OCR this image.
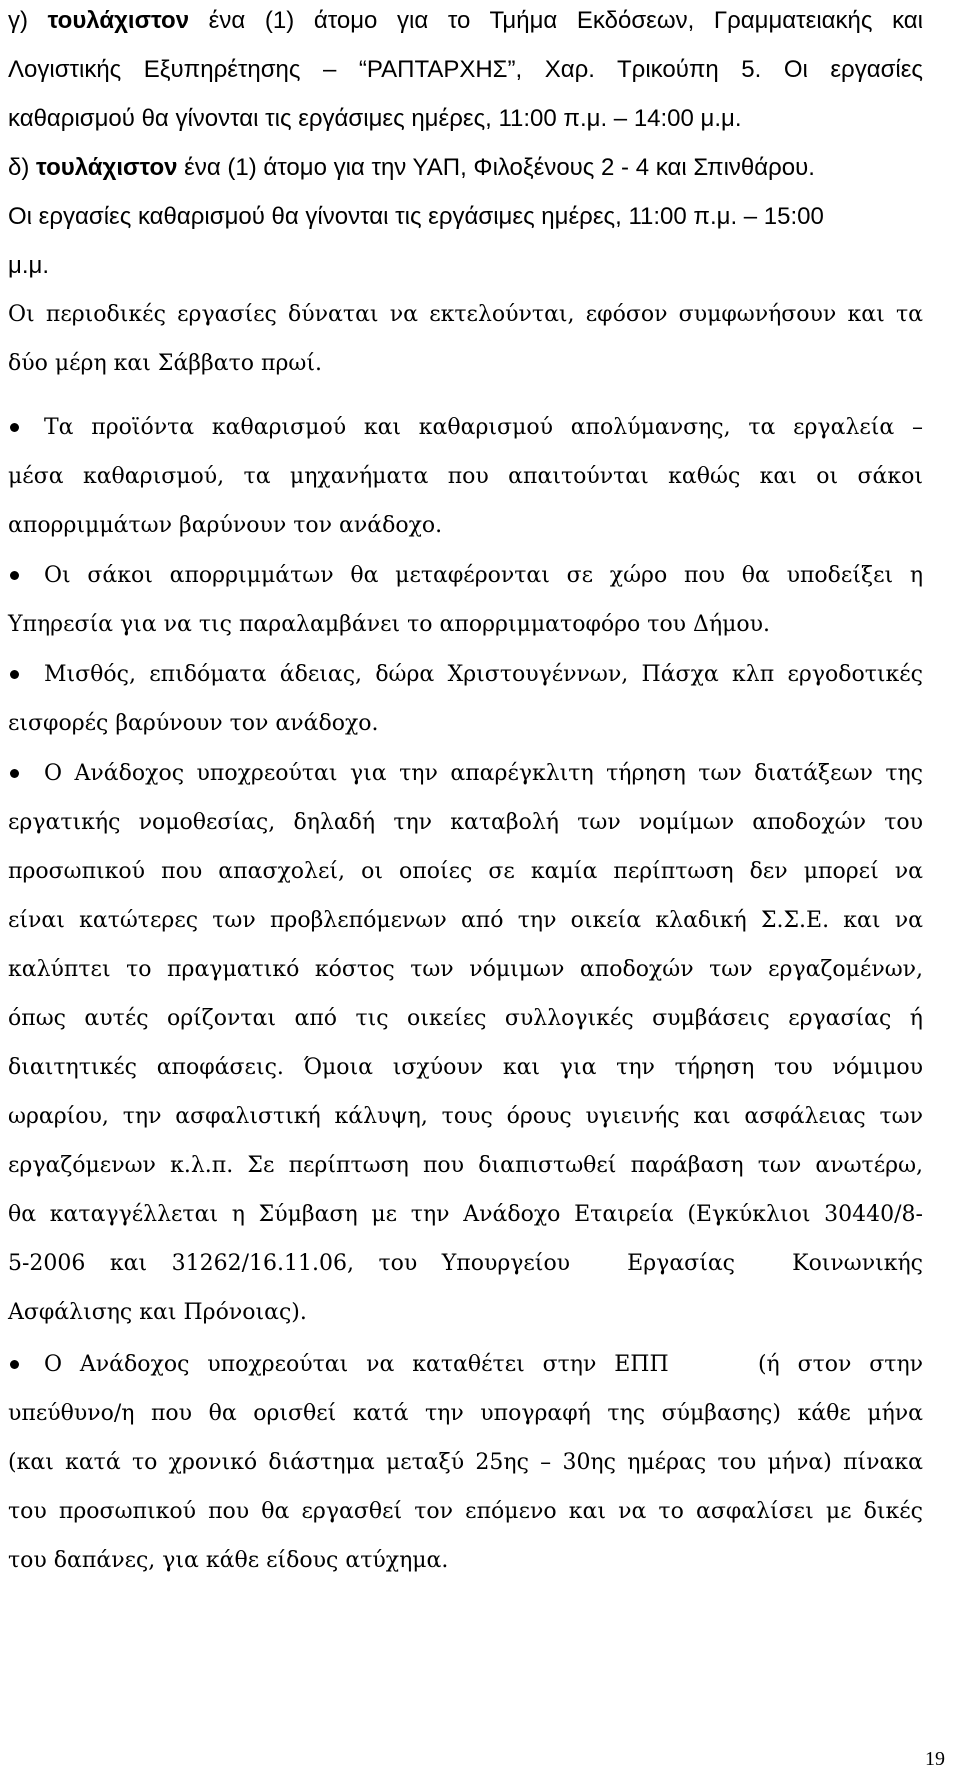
γ) τουλάχιστον ένα (1) άτομο για το Τμήμα Εκδόσεων, Γραμματειακής και
Λογιστικής Εξυπηρέτησης – “ΡΑΠΤΑΡΧΗΣ”, Χαρ. Τρικούπη 5. Οι εργασίες
καθαρισμού θα γίνονται τις εργάσιμες ημέρες, 11:00 π.μ. – 14:00 μ.μ.
δ) τουλάχιστον ένα (1) άτομο για την ΥΑΠ, Φιλοξένους 2 - 4 και Σπινθάρου.
Οι εργασίες καθαρισμού θα γίνονται τις εργάσιμες ημέρες, 11:00 π.μ. – 15:00
μ.μ.
Οι περιοδικές εργασίες δύναται να εκτελούνται, εφόσον συμφωνήσουν και τα
δύο μέρη και Σάββατο πρωί.
Τα προϊόντα καθαρισμού και καθαρισμού απολύμανσης, τα εργαλεία –
μέσα καθαρισμού, τα μηχανήματα που απαιτούνται καθώς και οι σάκοι
απορριμμάτων βαρύνουν τον ανάδοχο.
Οι σάκοι απορριμμάτων θα μεταφέρονται σε χώρο που θα υποδείξει η
Υπηρεσία για να τις παραλαμβάνει το απορριμματοφόρο του Δήμου.
Μισθός, επιδόματα άδειας, δώρα Χριστουγέννων, Πάσχα κλπ εργοδοτικές
εισφορές βαρύνουν τον ανάδοχο.
Ο Ανάδοχος υποχρεούται για την απαρέγκλιτη τήρηση των διατάξεων της
εργατικής νομοθεσίας, δηλαδή την καταβολή των νομίμων αποδοχών του
προσωπικού που απασχολεί, οι οποίες σε καμία περίπτωση δεν μπορεί να
είναι κατώτερες των προβλεπόμενων από την οικεία κλαδική Σ.Σ.Ε. και να
καλύπτει το πραγματικό κόστος των νόμιμων αποδοχών των εργαζομένων,
όπως αυτές ορίζονται από τις οικείες συλλογικές συμβάσεις εργασίας ή
διαιτητικές αποφάσεις. Όμοια ισχύουν και για την τήρηση του νόμιμου
ωραρίου, την ασφαλιστική κάλυψη, τους όρους υγιεινής και ασφάλειας των
εργαζόμενων κ.λ.π. Σε περίπτωση που διαπιστωθεί παράβαση των ανωτέρω,
θα καταγγέλλεται η Σύμβαση με την Ανάδοχο Εταιρεία (Εγκύκλιοι 30440/8-
5-2006   και   31262/16.11.06,   του   Υπουργείου       Εργασίας       Κοινωνικής
Ασφάλισης και Πρόνοιας).
Ο Ανάδοχος υποχρεούται να καταθέτει στην ΕΠΠ     (ή στον στην
υπεύθυνο/η που θα ορισθεί κατά την υπογραφή της σύμβασης) κάθε μήνα
(και κατά το χρονικό διάστημα μεταξύ 25ης – 30ης ημέρας του μήνα) πίνακα
του προσωπικού που θα εργασθεί τον επόμενο και να το ασφαλίσει με δικές
του δαπάνες, για κάθε είδους ατύχημα.
19
